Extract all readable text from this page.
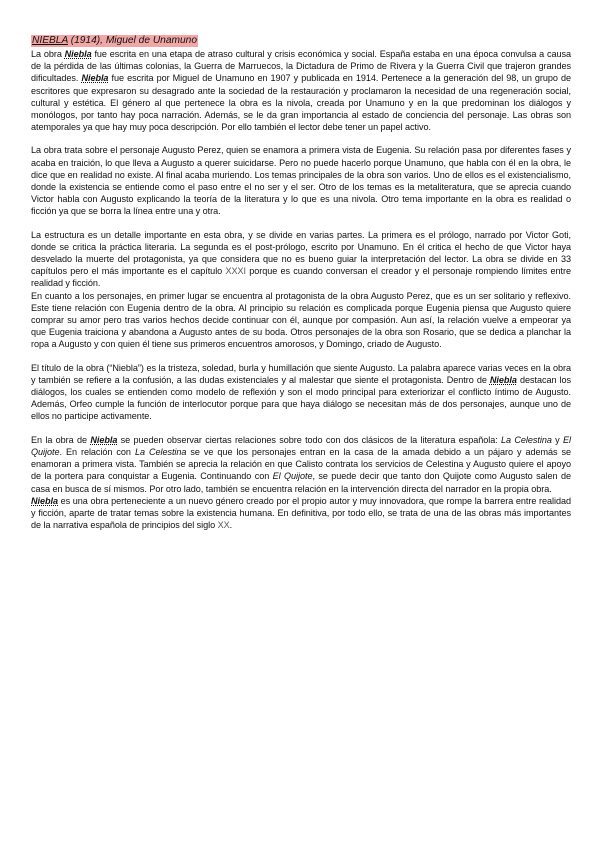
NIEBLA (1914), Miguel de Unamuno

La obra Niebla fue escrita en una etapa de atraso cultural y crisis económica y social. España estaba en una época convulsa a causa de la pérdida de las últimas colonias, la Guerra de Marruecos, la Dictadura de Primo de Rivera y la Guerra Civil que trajeron grandes dificultades. Niebla fue escrita por Miguel de Unamuno en 1907 y publicada en 1914. Pertenece a la generación del 98, un grupo de escritores que expresaron su desagrado ante la sociedad de la restauración y proclamaron la necesidad de una regeneración social, cultural y estética. El género al que pertenece la obra es la nivola, creada por Unamuno y en la que predominan los diálogos y monólogos, por tanto hay poca narración. Además, se le da gran importancia al estado de conciencia del personaje. Las obras son atemporales ya que hay muy poca descripción. Por ello también el lector debe tener un papel activo.

La obra trata sobre el personaje Augusto Perez, quien se enamora a primera vista de Eugenia. Su relación pasa por diferentes fases y acaba en traición, lo que lleva a Augusto a querer suicidarse. Pero no puede hacerlo porque Unamuno, que habla con él en la obra, le dice que en realidad no existe. Al final acaba muriendo. Los temas principales de la obra son varios. Uno de ellos es el existencialismo, donde la existencia se entiende como el paso entre el no ser y el ser. Otro de los temas es la metaliteratura, que se aprecia cuando Victor habla con Augusto explicando la teoría de la literatura y lo que es una nivola. Otro tema importante en la obra es realidad o ficción ya que se borra la línea entre una y otra.

La estructura es un detalle importante en esta obra, y se divide en varias partes. La primera es el prólogo, narrado por Victor Goti, donde se critica la práctica literaria. La segunda es el post-prólogo, escrito por Unamuno. En él critica el hecho de que Victor haya desvelado la muerte del protagonista, ya que considera que no es bueno guiar la interpretación del lector. La obra se divide en 33 capítulos pero el más importante es el capítulo XXXI porque es cuando conversan el creador y el personaje rompiendo límites entre realidad y ficción.

En cuanto a los personajes, en primer lugar se encuentra al protagonista de la obra Augusto Perez, que es un ser solitario y reflexivo. Este tiene relación con Eugenia dentro de la obra. Al principio su relación es complicada porque Eugenia piensa que Augusto quiere comprar su amor pero tras varios hechos decide continuar con él, aunque por compasión. Aun así, la relación vuelve a empeorar ya que Eugenia traiciona y abandona a Augusto antes de su boda. Otros personajes de la obra son Rosario, que se dedica a planchar la ropa a Augusto y con quien él tiene sus primeros encuentros amorosos, y Domingo, criado de Augusto.

El título de la obra (“Niebla”) es la tristeza, soledad, burla y humillación que siente Augusto. La palabra aparece varias veces en la obra y también se refiere a la confusión, a las dudas existenciales y al malestar que siente el protagonista. Dentro de Niebla destacan los diálogos, los cuales se entienden como modelo de reflexión y son el modo principal para exteriorizar el conflicto íntimo de Augusto. Además, Orfeo cumple la función de interlocutor porque para que haya diálogo se necesitan más de dos personajes, aunque uno de ellos no participe activamente.

En la obra de Niebla se pueden observar ciertas relaciones sobre todo con dos clásicos de la literatura española: La Celestina y El Quijote. En relación con La Celestina se ve que los personajes entran en la casa de la amada debido a un pájaro y además se enamoran a primera vista. También se aprecia la relación en que Calisto contrata los servicios de Celestina y Augusto quiere el apoyo de la portera para conquistar a Eugenia. Continuando con El Quijote, se puede decir que tanto don Quijote como Augusto salen de casa en busca de sí mismos. Por otro lado, también se encuentra relación en la intervención directa del narrador en la propia obra.

Niebla es una obra perteneciente a un nuevo género creado por el propio autor y muy innovadora, que rompe la barrera entre realidad y ficción, aparte de tratar temas sobre la existencia humana. En definitiva, por todo ello, se trata de una de las obras más importantes de la narrativa española de principios del siglo XX.
